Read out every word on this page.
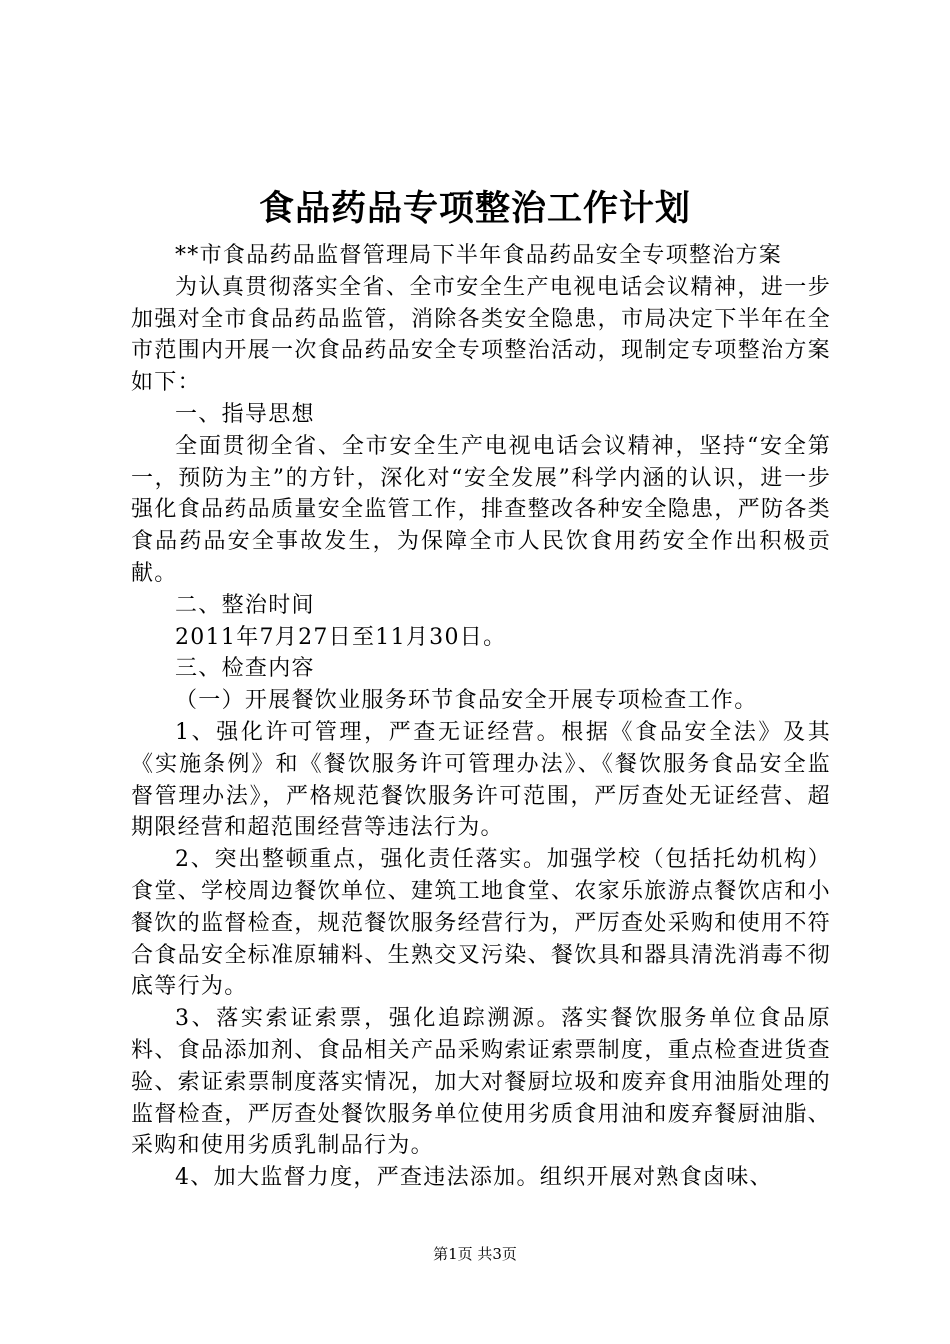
食品药品专项整治工作计划

**市食品药品监督管理局下半年食品药品安全专项整治方案

为认真贯彻落实全省、全市安全生产电视电话会议精神，进一步加强对全市食品药品监管，消除各类安全隐患，市局决定下半年在全市范围内开展一次食品药品安全专项整治活动，现制定专项整治方案如下：

一、指导思想

全面贯彻全省、全市安全生产电视电话会议精神，坚持“安全第一，预防为主”的方针，深化对“安全发展”科学内涵的认识，进一步强化食品药品质量安全监管工作，排查整改各种安全隐患，严防各类食品药品安全事故发生，为保障全市人民饮食用药安全作出积极贡献。

二、整治时间

2011年7月27日至11月30日。

三、检查内容

（一）开展餐饮业服务环节食品安全开展专项检查工作。

1、强化许可管理，严查无证经营。根据《食品安全法》及其《实施条例》和《餐饮服务许可管理办法》、《餐饮服务食品安全监督管理办法》，严格规范餐饮服务许可范围，严厉查处无证经营、超期限经营和超范围经营等违法行为。

2、突出整顿重点，强化责任落实。加强学校（包括托幼机构）食堂、学校周边餐饮单位、建筑工地食堂、农家乐旅游点餐饮店和小餐饮的监督检查，规范餐饮服务经营行为，严厉查处采购和使用不符合食品安全标准原辅料、生熟交叉污染、餐饮具和器具清洗消毒不彻底等行为。

3、落实索证索票，强化追踪溯源。落实餐饮服务单位食品原料、食品添加剂、食品相关产品采购索证索票制度，重点检查进货查验、索证索票制度落实情况，加大对餐厨垃圾和废弃食用油脂处理的监督检查，严厉查处餐饮服务单位使用劣质食用油和废弃餐厨油脂、采购和使用劣质乳制品行为。

4、加大监督力度，严查违法添加。组织开展对熟食卤味、

第1页 共3页
